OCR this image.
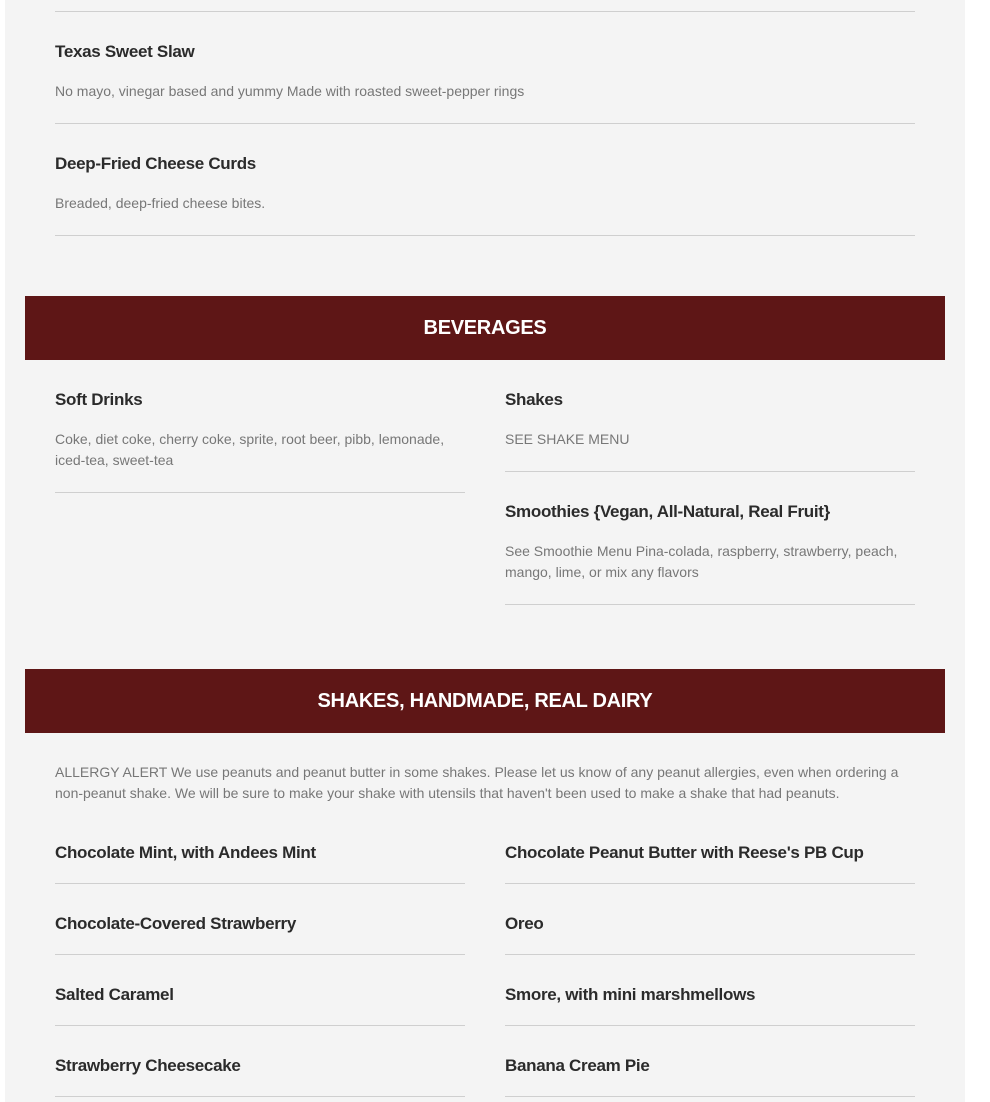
Texas Sweet Slaw
No mayo, vinegar based and yummy Made with roasted sweet-pepper rings
Deep-Fried Cheese Curds
Breaded, deep-fried cheese bites.
BEVERAGES
Soft Drinks
Coke, diet coke, cherry coke, sprite, root beer, pibb, lemonade, iced-tea, sweet-tea
Shakes
SEE SHAKE MENU
Smoothies {Vegan, All-Natural, Real Fruit}
See Smoothie Menu Pina-colada, raspberry, strawberry, peach, mango, lime, or mix any flavors
SHAKES, HANDMADE, REAL DAIRY
ALLERGY ALERT We use peanuts and peanut butter in some shakes. Please let us know of any peanut allergies, even when ordering a non-peanut shake. We will be sure to make your shake with utensils that haven't been used to make a shake that had peanuts.
Chocolate Mint, with Andees Mint	Chocolate Peanut Butter with Reese's PB Cup
Chocolate-Covered Strawberry	Oreo
Salted Caramel	Smore, with mini marshmellows
Strawberry Cheesecake	Banana Cream Pie
